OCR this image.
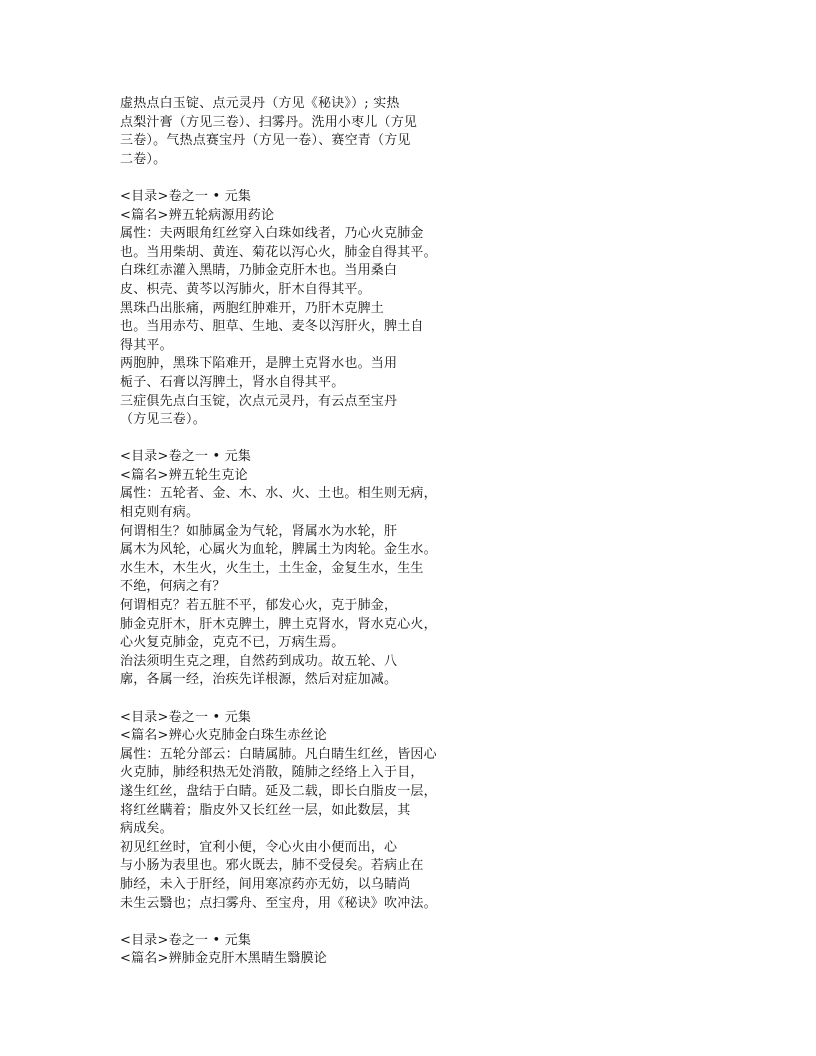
虚热点白玉锭、点元灵丹（方见《秘诀》）; 实热
点梨汁膏（方见三卷）、扫雾丹。洗用小枣儿（方见
三卷）。气热点赛宝丹（方见一卷）、赛空青（方见
二卷）。
<目录>卷之一 • 元集
<篇名>辨五轮病源用药论
属性：夫两眼角红丝穿入白珠如线者，乃心火克肺金
也。当用柴胡、黄连、菊花以泻心火，肺金自得其平。
白珠红赤灌入黑睛，乃肺金克肝木也。当用桑白
皮、枳壳、黄芩以泻肺火，肝木自得其平。
黑珠凸出胀痛，两胞红肿难开，乃肝木克脾土
也。当用赤芍、胆草、生地、麦冬以泻肝火，脾土自
得其平。
两胞肿，黑珠下陷难开，是脾土克肾水也。当用
栀子、石膏以泻脾土，肾水自得其平。
三症俱先点白玉锭，次点元灵丹，有云点至宝丹
（方见三卷）。
<目录>卷之一 • 元集
<篇名>辨五轮生克论
属性：五轮者、金、木、水、火、土也。相生则无病，
相克则有病。
何谓相生？如肺属金为气轮，肾属水为水轮，肝
属木为风轮，心属火为血轮，脾属土为肉轮。金生水。
水生木，木生火，火生土，土生金，金复生水，生生
不绝，何病之有？
何谓相克？若五脏不平，郁发心火，克于肺金，
肺金克肝木，肝木克脾土，脾土克肾水，肾水克心火，
心火复克肺金，克克不已，万病生焉。
治法须明生克之理，自然药到成功。故五轮、八
廓，各属一经，治疾先详根源，然后对症加减。
<目录>卷之一 • 元集
<篇名>辨心火克肺金白珠生赤丝论
属性：五轮分部云：白睛属肺。凡白睛生红丝，皆因心
火克肺，肺经积热无处消散，随肺之经络上入于目，
遂生红丝，盘结于白睛。延及二载，即长白脂皮一层，
将红丝瞒着；脂皮外又长红丝一层，如此数层，其
病成矣。
初见红丝时，宜利小便，令心火由小便而出，心
与小肠为表里也。邪火既去，肺不受侵矣。若病止在
肺经，未入于肝经，间用寒凉药亦无妨，以乌睛尚
未生云翳也；点扫雾舟、至宝舟，用《秘诀》吹冲法。
<目录>卷之一 • 元集
<篇名>辨肺金克肝木黑睛生翳膜论
